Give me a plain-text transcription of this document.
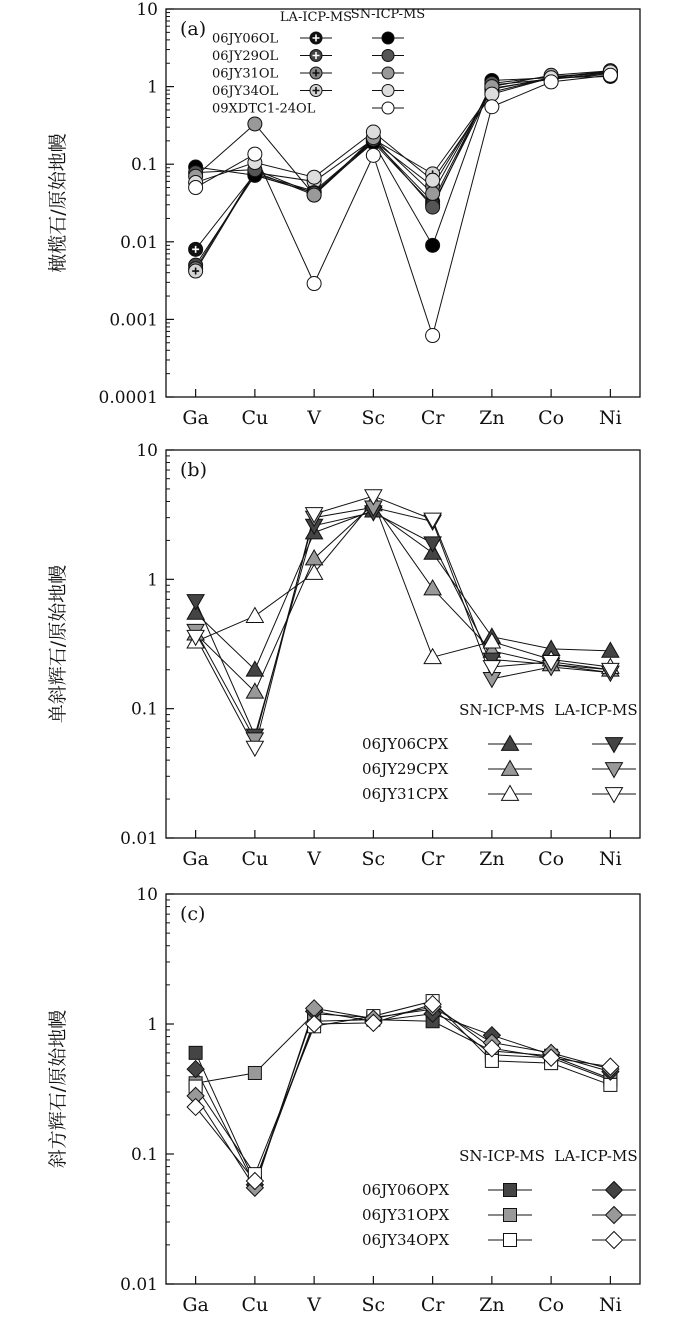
0.0001
0.001
0.01
0.1
1
10
Ga Cu V Sc Cr Zn Co Ni
橄榄石/原始地幔
(a)
LA-ICP-MS
SN-ICP-MS
06JY06OL
06JY29OL
06JY31OL
06JY34OL
09XDTC1-24OL
0.01
0.1
1
10
Ga Cu V Sc Cr Zn Co Ni
单斜辉石/原始地幔
(b)
SN-ICP-MS LA-ICP-MS
06JY06CPX
06JY29CPX
06JY31CPX
0.01
0.1
1
10
Ga Cu V Sc Cr Zn Co Ni
斜方辉石/原始地幔
(c)
SN-ICP-MS LA-ICP-MS
06JY06OPX
06JY31OPX
06JY34OPX
